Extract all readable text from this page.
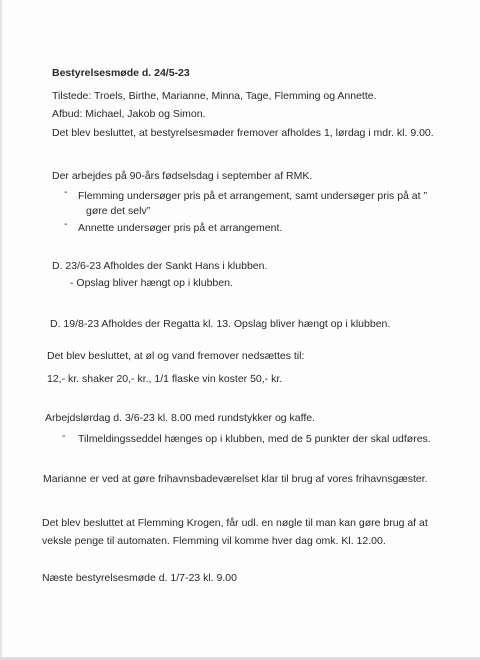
Bestyrelsesmøde d. 24/5-23
Tilstede: Troels, Birthe, Marianne, Minna, Tage, Flemming og Annette.
Afbud: Michael, Jakob og Simon.
Det blev besluttet, at bestyrelsesmøder fremover afholdes 1, lørdag i mdr. kl. 9.00.
Der arbejdes på 90-års fødselsdag i september af RMK.
- Flemming undersøger pris på et arrangement, samt undersøger pris på at ”
gøre det selv”
- Annette undersøger pris på et arrangement.
D. 23/6-23 Afholdes der Sankt Hans i klubben.
- Opslag bliver hængt op i klubben.
D. 19/8-23 Afholdes der Regatta kl. 13. Opslag bliver hængt op i klubben.
Det blev besluttet, at øl og vand fremover nedsættes til:
12,- kr. shaker 20,- kr., 1/1 flaske vin koster 50,- kr.
Arbejdslørdag d. 3/6-23 kl. 8.00 med rundstykker og kaffe.
- Tilmeldingsseddel hænges op i klubben, med de 5 punkter der skal udføres.
Marianne er ved at gøre frihavnsbadeværelset klar til brug af vores frihavnsgæster.
Det blev besluttet at Flemming Krogen, får udl. en nøgle til man kan gøre brug af at
veksle penge til automaten. Flemming vil komme hver dag omk. Kl. 12.00.
Næste bestyrelsesmøde d. 1/7-23 kl. 9.00
